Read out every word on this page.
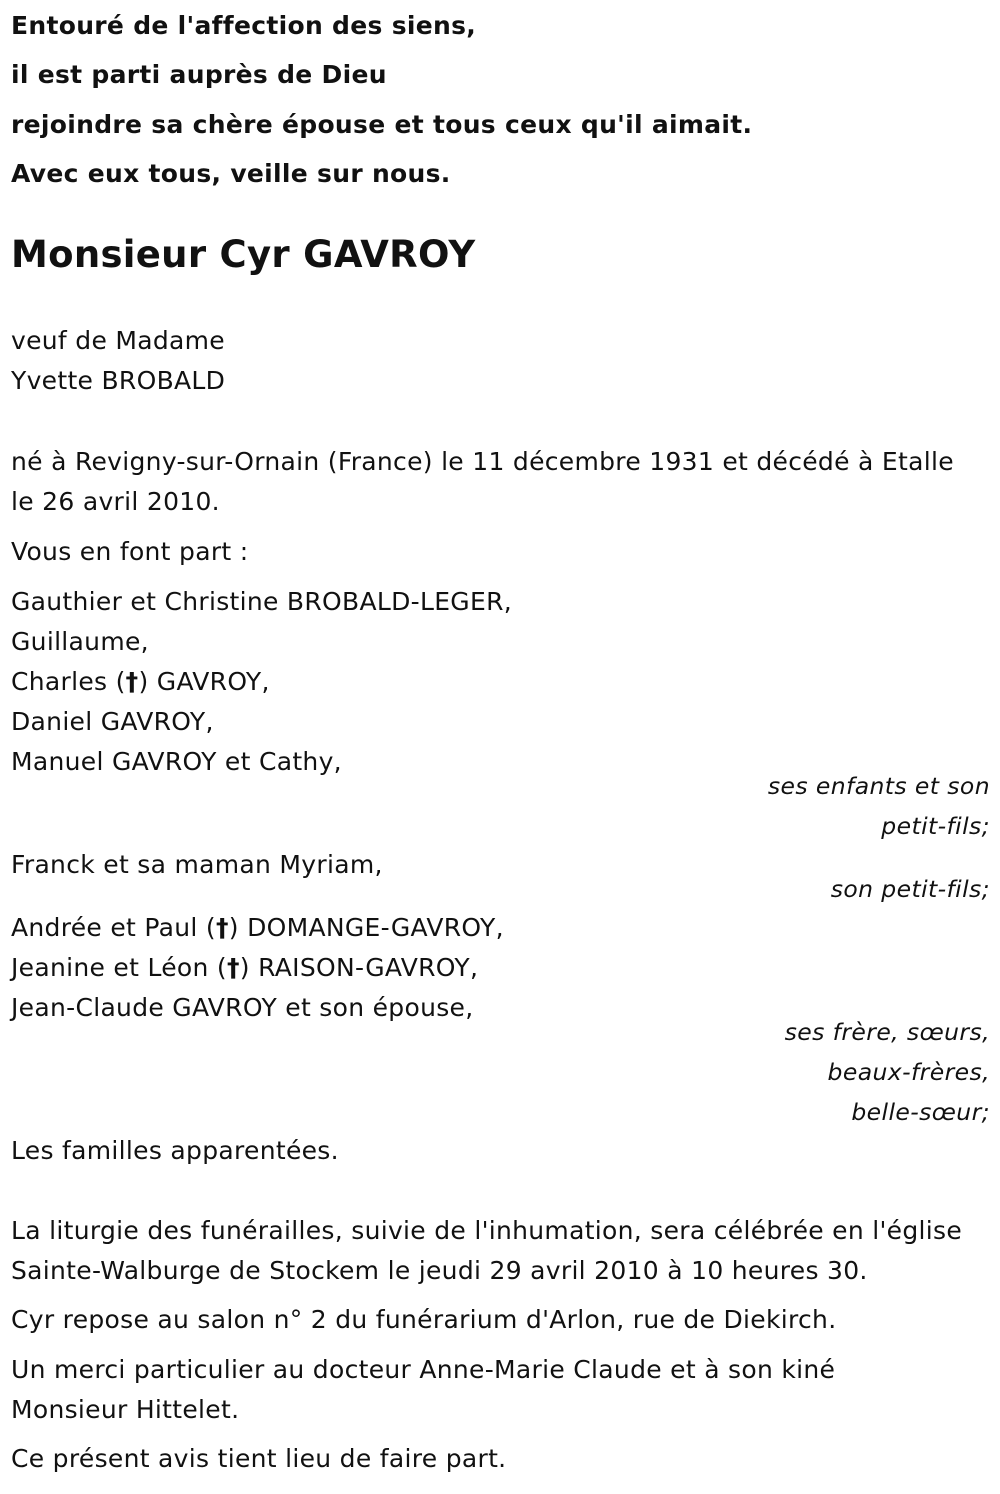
Entouré de l'affection des siens,
il est parti auprès de Dieu
rejoindre sa chère épouse et tous ceux qu'il aimait.
Avec eux tous, veille sur nous.
Monsieur Cyr GAVROY
veuf de Madame
Yvette BROBALD
né à Revigny-sur-Ornain (France) le 11 décembre 1931 et décédé à Etalle
le 26 avril 2010.
Vous en font part :
Gauthier et Christine BROBALD-LEGER,
Guillaume,
Charles (†) GAVROY,
Daniel GAVROY,
Manuel GAVROY et Cathy,
ses enfants et son
petit-fils;
Franck et sa maman Myriam,
son petit-fils;
Andrée et Paul (†) DOMANGE-GAVROY,
Jeanine et Léon (†) RAISON-GAVROY,
Jean-Claude GAVROY et son épouse,
ses frère, sœurs,
beaux-frères,
belle-sœur;
Les familles apparentées.
La liturgie des funérailles, suivie de l'inhumation, sera célébrée en l'église
Sainte-Walburge de Stockem le jeudi 29 avril 2010 à 10 heures 30.
Cyr repose au salon n° 2 du funérarium d'Arlon, rue de Diekirch.
Un merci particulier au docteur Anne-Marie Claude et à son kiné
Monsieur Hittelet.
Ce présent avis tient lieu de faire part.
